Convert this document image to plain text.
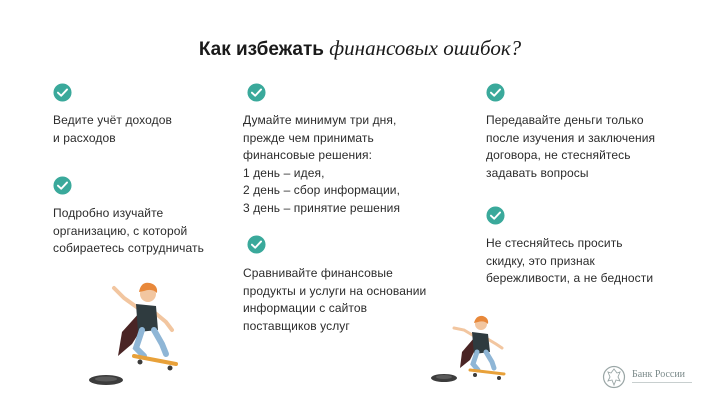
Как избежать финансовых ошибок?
Ведите учёт доходов
и расходов
Подробно изучайте
организацию, с которой
собираетесь сотрудничать
Думайте минимум три дня,
прежде чем принимать
финансовые решения:
1 день – идея,
2 день – сбор информации,
3 день – принятие решения
Сравнивайте финансовые
продукты и услуги на основании
информации с сайтов
поставщиков услуг
Передавайте деньги только
после изучения и заключения
договора, не стесняйтесь
задавать вопросы
Не стесняйтесь просить
скидку, это признак
бережливости, а не бедности
Банк России
